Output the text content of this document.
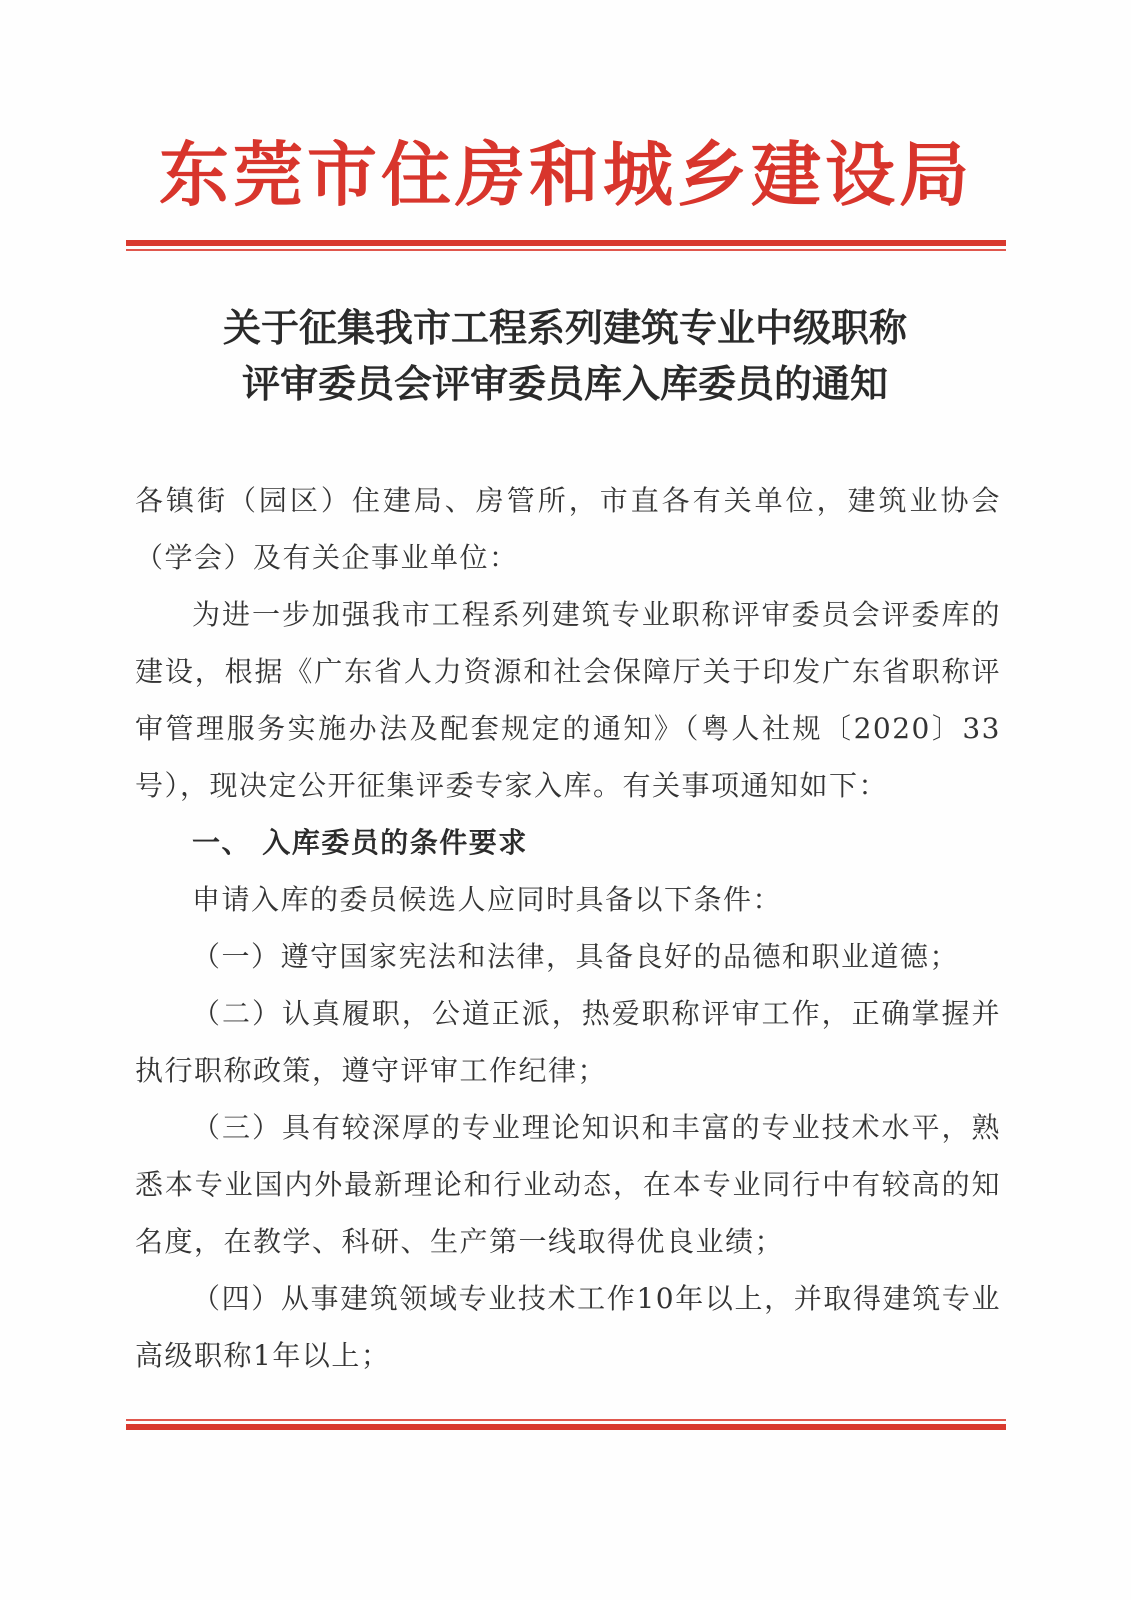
东莞市住房和城乡建设局
关于征集我市工程系列建筑专业中级职称
评审委员会评审委员库入库委员的通知

各镇街（园区）住建局、房管所，市直各有关单位，建筑业协会（学会）及有关企事业单位：

为进一步加强我市工程系列建筑专业职称评审委员会评委库的建设，根据《广东省人力资源和社会保障厅关于印发广东省职称评审管理服务实施办法及配套规定的通知》（粤人社规〔2020〕33号），现决定公开征集评委专家入库。有关事项通知如下：

一、 入库委员的条件要求

申请入库的委员候选人应同时具备以下条件：

（一）遵守国家宪法和法律，具备良好的品德和职业道德；

（二）认真履职，公道正派，热爱职称评审工作，正确掌握并执行职称政策，遵守评审工作纪律；

（三）具有较深厚的专业理论知识和丰富的专业技术水平，熟悉本专业国内外最新理论和行业动态，在本专业同行中有较高的知名度，在教学、科研、生产第一线取得优良业绩；

（四）从事建筑领域专业技术工作10年以上，并取得建筑专业高级职称1年以上；
